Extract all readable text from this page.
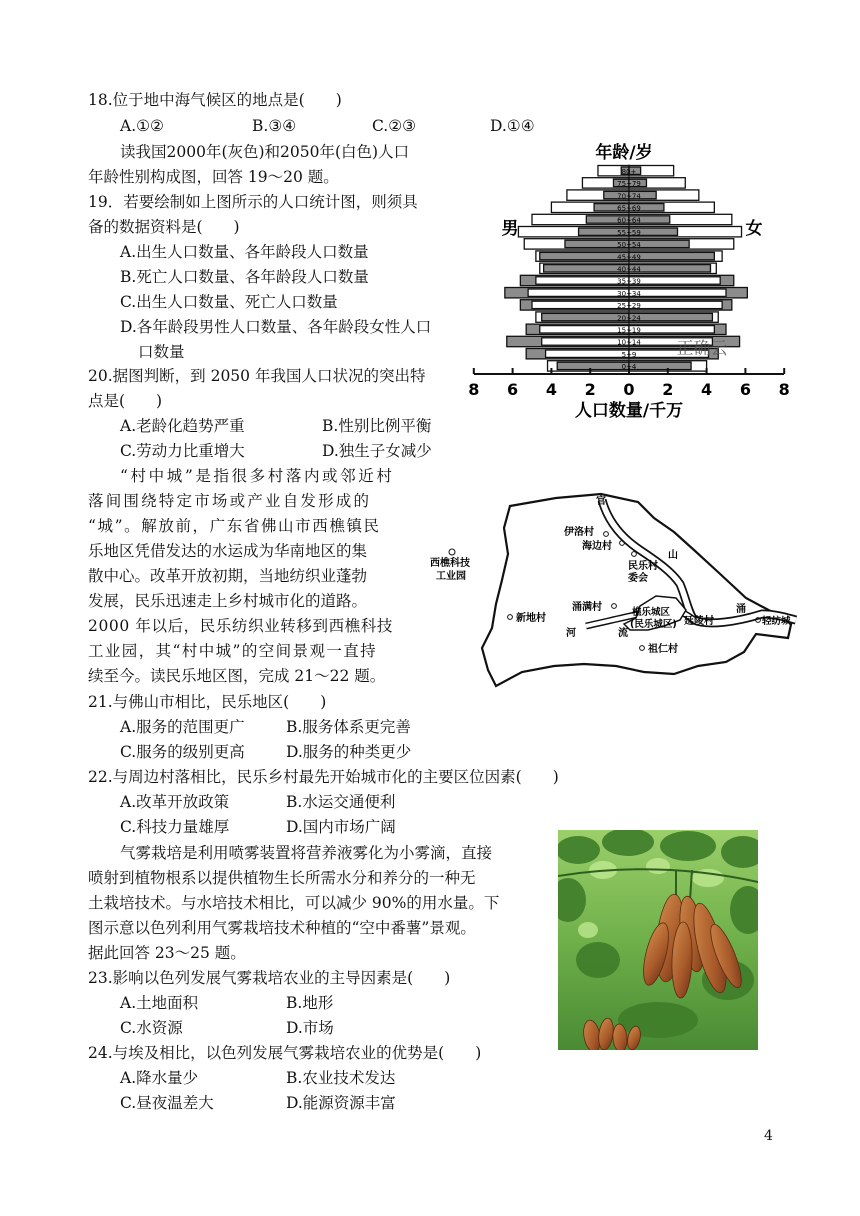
18.位于地中海气候区的地点是(　　)
A.①②	B.③④	C.②③	D.①④
读我国2000年(灰色)和2050年(白色)人口
年龄性别构成图，回答 19～20 题。
19．若要绘制如上图所示的人口统计图，则须具
备的数据资料是(　　)
A.出生人口数量、各年龄段人口数量
B.死亡人口数量、各年龄段人口数量
C.出生人口数量、死亡人口数量
D.各年龄段男性人口数量、各年龄段女性人口
口数量
20.据图判断，到 2050 年我国人口状况的突出特
点是(　　)
A.老龄化趋势严重	B.性别比例平衡
C.劳动力比重增大	D.独生子女减少
“村中城”是指很多村落内或邻近村
落间围绕特定市场或产业自发形成的
“城”。解放前，广东省佛山市西樵镇民
乐地区凭借发达的水运成为华南地区的集
散中心。改革开放初期，当地纺织业蓬勃
发展，民乐迅速走上乡村城市化的道路。
2000 年以后，民乐纺织业转移到西樵科技
工业园，其“村中城”的空间景观一直持
续至今。读民乐地区图，完成 21～22 题。
21.与佛山市相比，民乐地区(　　)
A.服务的范围更广	B.服务体系更完善
C.服务的级别更高	D.服务的种类更少
22.与周边村落相比，民乐乡村最先开始城市化的主要区位因素(　　)
A.改革开放政策	B.水运交通便利
C.科技力量雄厚	D.国内市场广阔
气雾栽培是利用喷雾装置将营养液雾化为小雾滴，直接
喷射到植物根系以提供植物生长所需水分和养分的一种无
土栽培技术。与水培技术相比，可以减少 90%的用水量。下
图示意以色列利用气雾栽培技术种植的“空中番薯”景观。
据此回答 23～25 题。
23.影响以色列发展气雾栽培农业的主导因素是(　　)
A.土地面积	B.地形
C.水资源	D.市场
24.与埃及相比，以色列发展气雾栽培农业的优势是(　　)
A.降水量少	B.农业技术发达
C.昼夜温差大	D.能源资源丰富
年龄/岁
男	女
0~4
5~9
10~14
15~19
20~24
25~29
30~34
35~39
40~44
45~49
50~54
55~59
60~64
65~69
70~74
75~79
80+
8 6 4 2 0 2 4 6 8
正确云
人口数量/千万
官
伊洛村
海边村
民乐村
委会
山
西樵科技
工业园
新地村
涌满村	樵乐城区
(民乐城区) 延陵村
河	流
涌
轻纺城
祖仁村
4
